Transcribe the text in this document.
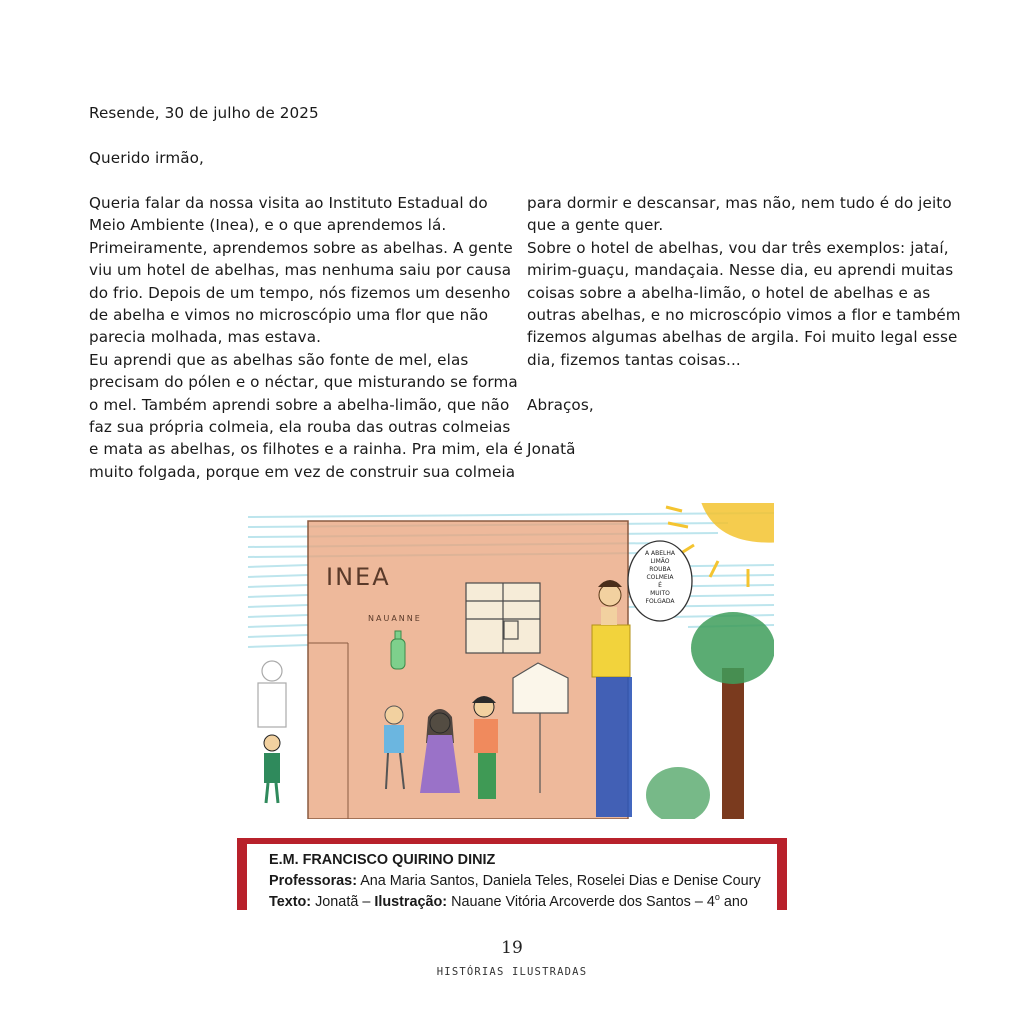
Resende, 30 de julho de 2025
Querido irmão,
Queria falar da nossa visita ao Instituto Estadual do
Meio Ambiente (Inea), e o que aprendemos lá.
Primeiramente, aprendemos sobre as abelhas. A gente
viu um hotel de abelhas, mas nenhuma saiu por causa
do frio. Depois de um tempo, nós fizemos um desenho
de abelha e vimos no microscópio uma flor que não
parecia molhada, mas estava.
Eu aprendi que as abelhas são fonte de mel, elas
precisam do pólen e o néctar, que misturando se forma
o mel. Também aprendi sobre a abelha-limão, que não
faz sua própria colmeia, ela rouba das outras colmeias
e mata as abelhas, os filhotes e a rainha. Pra mim, ela é
muito folgada, porque em vez de construir sua colmeia
para dormir e descansar, mas não, nem tudo é do jeito
que a gente quer.
Sobre o hotel de abelhas, vou dar três exemplos: jataí,
mirim-guaçu, mandaçaia. Nesse dia, eu aprendi muitas
coisas sobre a abelha-limão, o hotel de abelhas e as
outras abelhas, e no microscópio vimos a flor e também
fizemos algumas abelhas de argila. Foi muito legal esse
dia, fizemos tantas coisas...
Abraços,
Jonatã
INEA
NAUANNE
A ABELHA
LIMÃO
ROUBA
COLMEIA
É
MUITO
FOLGADA
E.M. FRANCISCO QUIRINO DINIZ
Professoras: Ana Maria Santos, Daniela Teles, Roselei Dias e Denise Coury
Texto: Jonatã – Ilustração: Nauane Vitória Arcoverde dos Santos – 4$^o$ ano
19
HISTÓRIAS ILUSTRADAS
